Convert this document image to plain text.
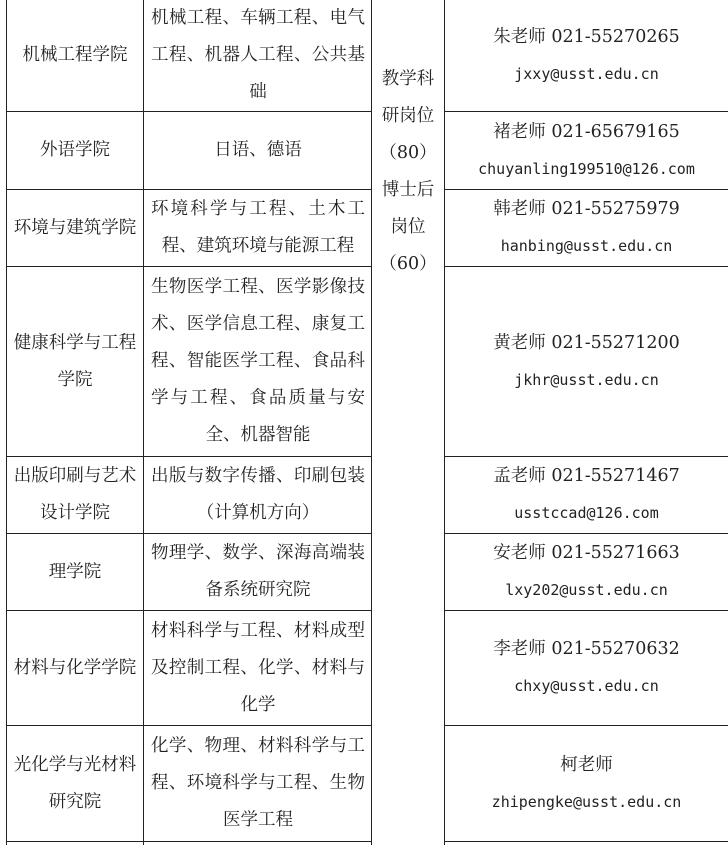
教学科研岗位
（80）
博士后岗位
（60）
机械工程学院
机械工程、车辆工程、电气工程、机器人工程、公共基础
朱老师 021-55270265
jxxy@usst.edu.cn
外语学院	日语、德语
褚老师 021-65679165
chuyanling199510@126.com
环境与建筑学院
环境科学与工程、土木工程、建筑环境与能源工程
韩老师 021-55275979
hanbing@usst.edu.cn
健康科学与工程学院
生物医学工程、医学影像技术、医学信息工程、康复工程、智能医学工程、食品科学与工程、食品质量与安全、机器智能
黄老师 021-55271200
jkhr@usst.edu.cn
出版印刷与艺术设计学院
出版与数字传播、印刷包装（计算机方向）
孟老师 021-55271467
usstccad@126.com
理学院
物理学、数学、深海高端装备系统研究院
安老师 021-55271663
lxy202@usst.edu.cn
材料与化学学院
材料科学与工程、材料成型及控制工程、化学、材料与化学
李老师 021-55270632
chxy@usst.edu.cn
光化学与光材料研究院
化学、物理、材料科学与工程、环境科学与工程、生物医学工程
柯老师
zhipengke@usst.edu.cn
